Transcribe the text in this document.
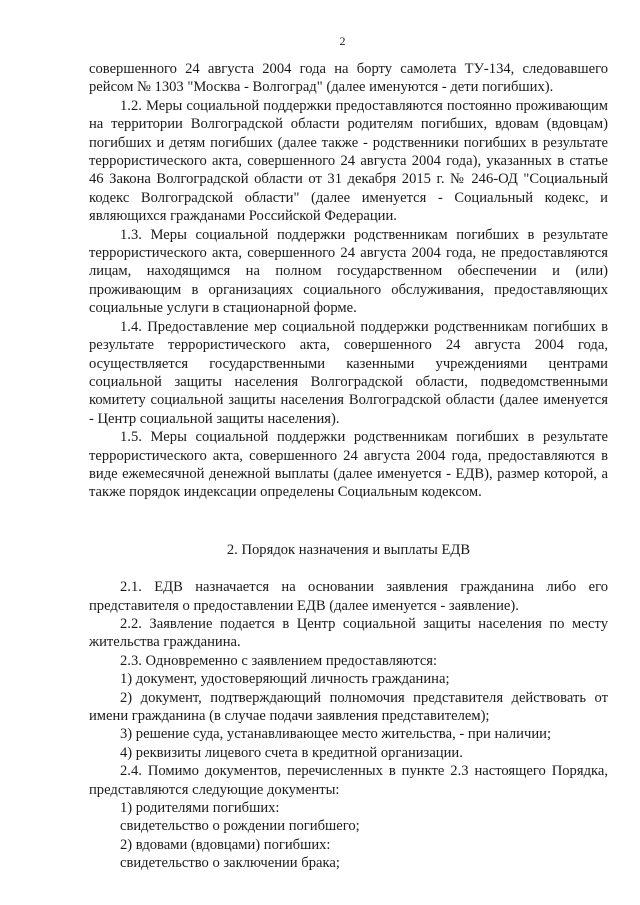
2

совершенного 24 августа 2004 года на борту самолета ТУ-134, следовавшего рейсом № 1303 "Москва - Волгоград" (далее именуются - дети погибших).

1.2. Меры социальной поддержки предоставляются постоянно проживающим на территории Волгоградской области родителям погибших, вдовам (вдовцам) погибших и детям погибших (далее также - родственники погибших в результате террористического акта, совершенного 24 августа 2004 года), указанных в статье 46 Закона Волгоградской области от 31 декабря 2015 г. № 246-ОД "Социальный кодекс Волгоградской области" (далее именуется - Социальный кодекс, и являющихся гражданами Российской Федерации.

1.3. Меры социальной поддержки родственникам погибших в результате террористического акта, совершенного 24 августа 2004 года, не предоставляются лицам, находящимся на полном государственном обеспечении и (или) проживающим в организациях социального обслуживания, предоставляющих социальные услуги в стационарной форме.

1.4. Предоставление мер социальной поддержки родственникам погибших в результате террористического акта, совершенного 24 августа 2004 года, осуществляется государственными казенными учреждениями центрами социальной защиты населения Волгоградской области, подведомственными комитету социальной защиты населения Волгоградской области (далее именуется - Центр социальной защиты населения).

1.5. Меры социальной поддержки родственникам погибших в результате террористического акта, совершенного 24 августа 2004 года, предоставляются в виде ежемесячной денежной выплаты (далее именуется - ЕДВ), размер которой, а также порядок индексации определены Социальным кодексом.

2. Порядок назначения и выплаты ЕДВ

2.1. ЕДВ назначается на основании заявления гражданина либо его представителя о предоставлении ЕДВ (далее именуется - заявление).

2.2. Заявление подается в Центр социальной защиты населения по месту жительства гражданина.

2.3. Одновременно с заявлением предоставляются:

1) документ, удостоверяющий личность гражданина;

2) документ, подтверждающий полномочия представителя действовать от имени гражданина (в случае подачи заявления представителем);

3) решение суда, устанавливающее место жительства, - при наличии;

4) реквизиты лицевого счета в кредитной организации.

2.4. Помимо документов, перечисленных в пункте 2.3 настоящего Порядка, представляются следующие документы:

1) родителями погибших:

свидетельство о рождении погибшего;

2) вдовами (вдовцами) погибших:

свидетельство о заключении брака;
